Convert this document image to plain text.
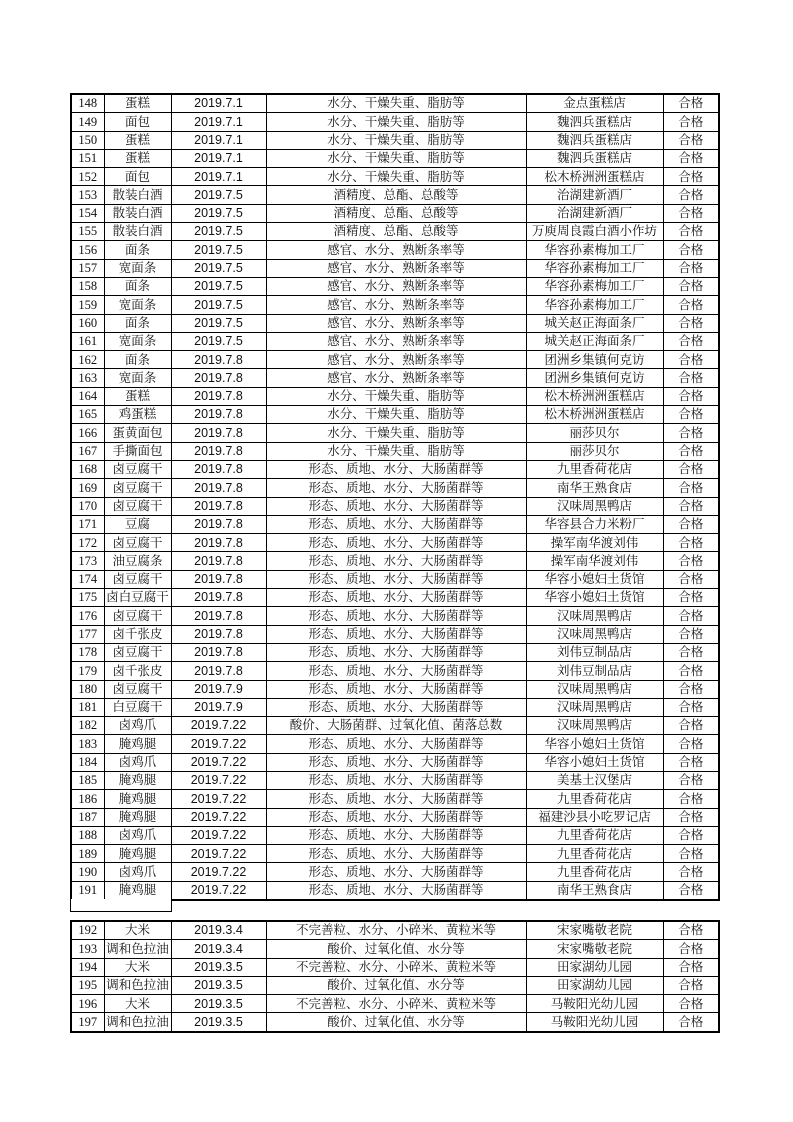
148	蛋糕	2019.7.1	水分、干燥失重、脂肪等	金点蛋糕店	合格
149	面包	2019.7.1	水分、干燥失重、脂肪等	魏泗兵蛋糕店	合格
150	蛋糕	2019.7.1	水分、干燥失重、脂肪等	魏泗兵蛋糕店	合格
151	蛋糕	2019.7.1	水分、干燥失重、脂肪等	魏泗兵蛋糕店	合格
152	面包	2019.7.1	水分、干燥失重、脂肪等	松木桥洲洲蛋糕店	合格
153	散装白酒	2019.7.5	酒精度、总酯、总酸等	治湖建新酒厂	合格
154	散装白酒	2019.7.5	酒精度、总酯、总酸等	治湖建新酒厂	合格
155	散装白酒	2019.7.5	酒精度、总酯、总酸等	万庾周良霞白酒小作坊	合格
156	面条	2019.7.5	感官、水分、熟断条率等	华容孙素梅加工厂	合格
157	宽面条	2019.7.5	感官、水分、熟断条率等	华容孙素梅加工厂	合格
158	面条	2019.7.5	感官、水分、熟断条率等	华容孙素梅加工厂	合格
159	宽面条	2019.7.5	感官、水分、熟断条率等	华容孙素梅加工厂	合格
160	面条	2019.7.5	感官、水分、熟断条率等	城关赵正海面条厂	合格
161	宽面条	2019.7.5	感官、水分、熟断条率等	城关赵正海面条厂	合格
162	面条	2019.7.8	感官、水分、熟断条率等	团洲乡集镇何克访	合格
163	宽面条	2019.7.8	感官、水分、熟断条率等	团洲乡集镇何克访	合格
164	蛋糕	2019.7.8	水分、干燥失重、脂肪等	松木桥洲洲蛋糕店	合格
165	鸡蛋糕	2019.7.8	水分、干燥失重、脂肪等	松木桥洲洲蛋糕店	合格
166	蛋黄面包	2019.7.8	水分、干燥失重、脂肪等	丽莎贝尔	合格
167	手撕面包	2019.7.8	水分、干燥失重、脂肪等	丽莎贝尔	合格
168	卤豆腐干	2019.7.8	形态、质地、水分、大肠菌群等	九里香荷花店	合格
169	卤豆腐干	2019.7.8	形态、质地、水分、大肠菌群等	南华王熟食店	合格
170	卤豆腐干	2019.7.8	形态、质地、水分、大肠菌群等	汉味周黑鸭店	合格
171	豆腐	2019.7.8	形态、质地、水分、大肠菌群等	华容县合力米粉厂	合格
172	卤豆腐干	2019.7.8	形态、质地、水分、大肠菌群等	操军南华渡刘伟	合格
173	油豆腐条	2019.7.8	形态、质地、水分、大肠菌群等	操军南华渡刘伟	合格
174	卤豆腐干	2019.7.8	形态、质地、水分、大肠菌群等	华容小媳妇土货馆	合格
175	卤白豆腐干	2019.7.8	形态、质地、水分、大肠菌群等	华容小媳妇土货馆	合格
176	卤豆腐干	2019.7.8	形态、质地、水分、大肠菌群等	汉味周黑鸭店	合格
177	卤千张皮	2019.7.8	形态、质地、水分、大肠菌群等	汉味周黑鸭店	合格
178	卤豆腐干	2019.7.8	形态、质地、水分、大肠菌群等	刘伟豆制品店	合格
179	卤千张皮	2019.7.8	形态、质地、水分、大肠菌群等	刘伟豆制品店	合格
180	卤豆腐干	2019.7.9	形态、质地、水分、大肠菌群等	汉味周黑鸭店	合格
181	白豆腐干	2019.7.9	形态、质地、水分、大肠菌群等	汉味周黑鸭店	合格
182	卤鸡爪	2019.7.22	酸价、大肠菌群、过氧化值、菌落总数	汉味周黑鸭店	合格
183	腌鸡腿	2019.7.22	形态、质地、水分、大肠菌群等	华容小媳妇土货馆	合格
184	卤鸡爪	2019.7.22	形态、质地、水分、大肠菌群等	华容小媳妇土货馆	合格
185	腌鸡腿	2019.7.22	形态、质地、水分、大肠菌群等	美基土汉堡店	合格
186	腌鸡腿	2019.7.22	形态、质地、水分、大肠菌群等	九里香荷花店	合格
187	腌鸡腿	2019.7.22	形态、质地、水分、大肠菌群等	福建沙县小吃罗记店	合格
188	卤鸡爪	2019.7.22	形态、质地、水分、大肠菌群等	九里香荷花店	合格
189	腌鸡腿	2019.7.22	形态、质地、水分、大肠菌群等	九里香荷花店	合格
190	卤鸡爪	2019.7.22	形态、质地、水分、大肠菌群等	九里香荷花店	合格
191	腌鸡腿	2019.7.22	形态、质地、水分、大肠菌群等	南华王熟食店	合格
192	大米	2019.3.4	不完善粒、水分、小碎米、黄粒米等	宋家嘴敬老院	合格
193	调和色拉油	2019.3.4	酸价、过氧化值、水分等	宋家嘴敬老院	合格
194	大米	2019.3.5	不完善粒、水分、小碎米、黄粒米等	田家湖幼儿园	合格
195	调和色拉油	2019.3.5	酸价、过氧化值、水分等	田家湖幼儿园	合格
196	大米	2019.3.5	不完善粒、水分、小碎米、黄粒米等	马鞍阳光幼儿园	合格
197	调和色拉油	2019.3.5	酸价、过氧化值、水分等	马鞍阳光幼儿园	合格
